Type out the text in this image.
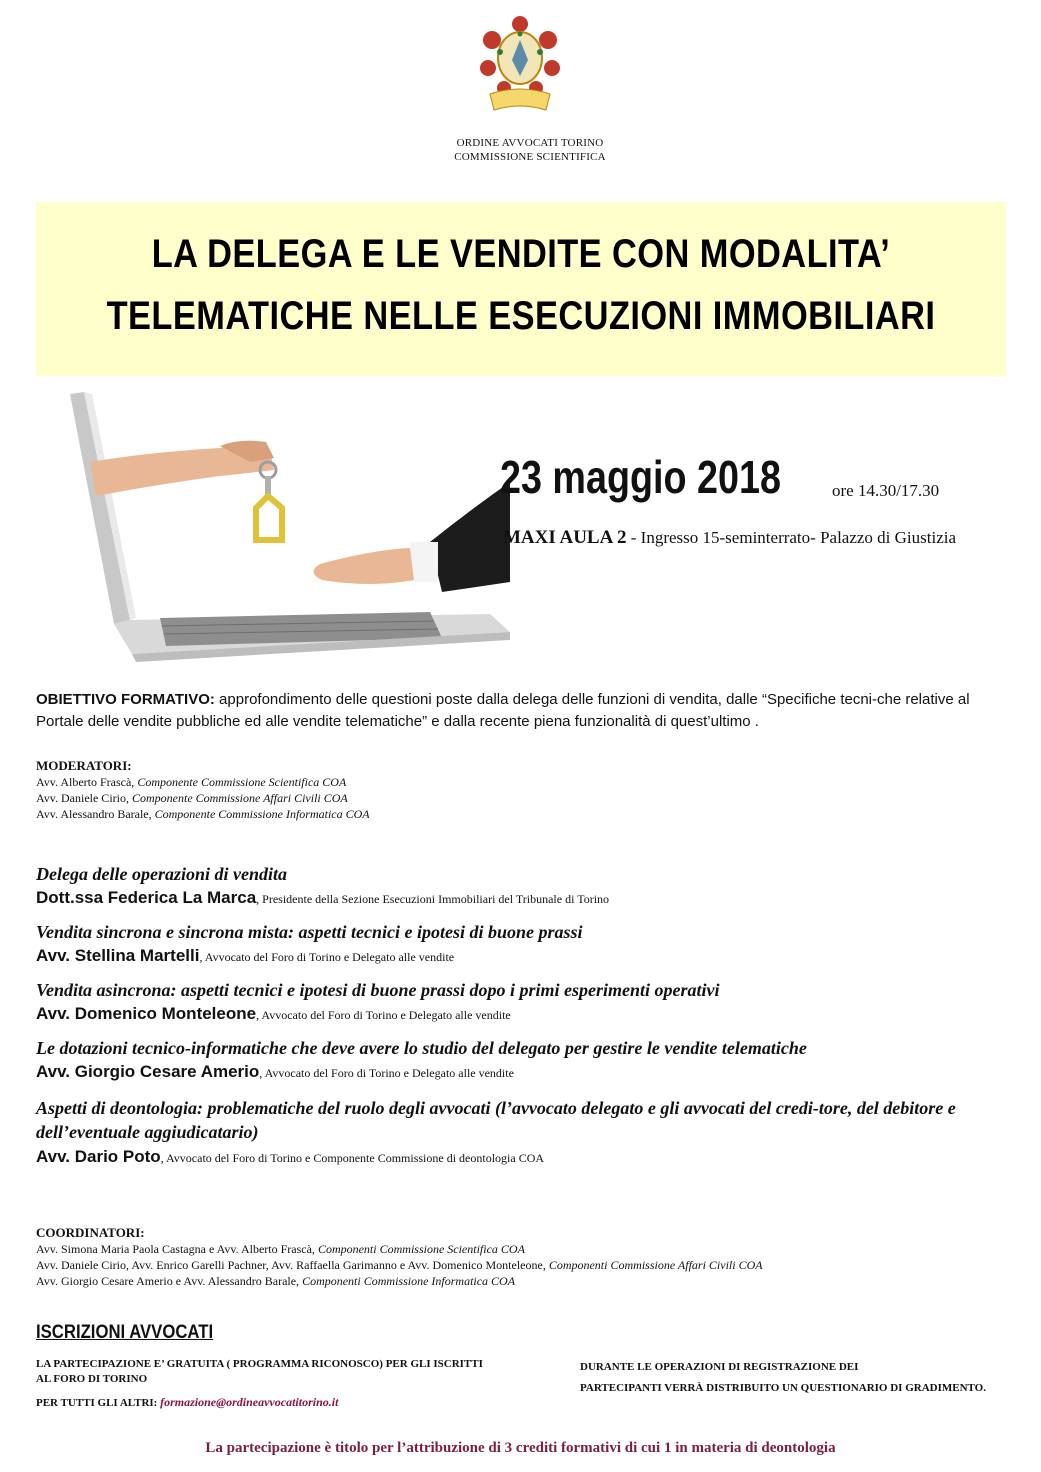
ORDINE AVVOCATI TORINO
COMMISSIONE SCIENTIFICA
LA DELEGA E LE VENDITE CON MODALITA’
TELEMATICHE NELLE ESECUZIONI IMMOBILIARI
23 maggio 2018	ore 14.30/17.30
MAXI AULA 2 - Ingresso 15-seminterrato- Palazzo di Giustizia
OBIETTIVO FORMATIVO: approfondimento delle questioni poste dalla delega delle funzioni di vendita, dalle “Specifiche tecni-che relative al Portale delle vendite pubbliche ed alle vendite telematiche” e dalla recente piena funzionalità di quest’ultimo .
MODERATORI:
Avv. Alberto Frascà, Componente Commissione Scientifica COA
Avv. Daniele Cirio, Componente Commissione Affari Civili COA
Avv. Alessandro Barale, Componente Commissione Informatica COA
Delega delle operazioni di vendita
Dott.ssa Federica La Marca, Presidente della Sezione Esecuzioni Immobiliari del Tribunale di Torino
Vendita sincrona e sincrona mista: aspetti tecnici e ipotesi di buone prassi
Avv. Stellina Martelli, Avvocato del Foro di Torino e Delegato alle vendite
Vendita asincrona: aspetti tecnici e ipotesi di buone prassi dopo i primi esperimenti operativi
Avv. Domenico Monteleone, Avvocato del Foro di Torino e Delegato alle vendite
Le dotazioni tecnico-informatiche che deve avere lo studio del delegato per gestire le vendite telematiche
Avv. Giorgio Cesare Amerio, Avvocato del Foro di Torino e Delegato alle vendite
Aspetti di deontologia: problematiche del ruolo degli avvocati (l’avvocato delegato e gli avvocati del credi-tore, del debitore e dell’eventuale aggiudicatario)
Avv. Dario Poto, Avvocato del Foro di Torino e Componente Commissione di deontologia COA
COORDINATORI:
Avv. Simona Maria Paola Castagna e Avv. Alberto Frascà, Componenti Commissione Scientifica COA
Avv. Daniele Cirio, Avv. Enrico Garelli Pachner, Avv. Raffaella Garimanno e Avv. Domenico Monteleone, Componenti Commissione Affari Civili COA
Avv. Giorgio Cesare Amerio e Avv. Alessandro Barale, Componenti Commissione Informatica COA
ISCRIZIONI AVVOCATI
LA PARTECIPAZIONE E’ GRATUITA ( PROGRAMMA RICONOSCO) PER GLI ISCRITTI
AL FORO DI TORINO
PER TUTTI GLI ALTRI: formazione@ordineavvocatitorino.it
DURANTE LE OPERAZIONI DI REGISTRAZIONE DEI
PARTECIPANTI VERRÀ DISTRIBUITO UN QUESTIONARIO DI GRADIMENTO.
La partecipazione è titolo per l’attribuzione di 3 crediti formativi di cui 1 in materia di deontologia
